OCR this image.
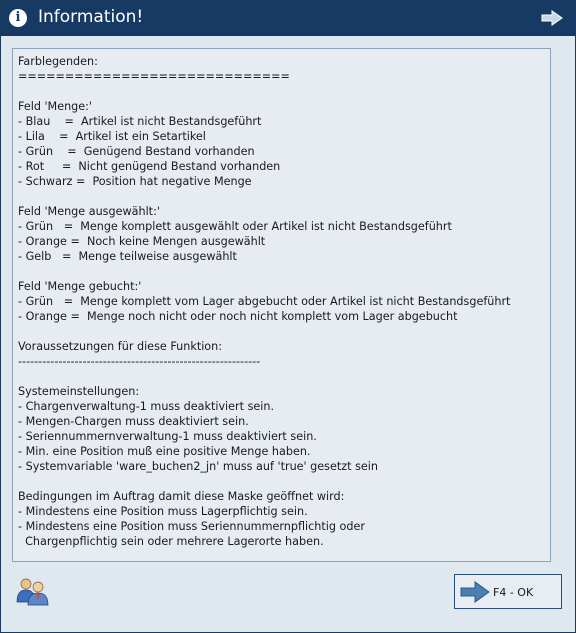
i	Information!
Farblegenden:
=============================

Feld 'Menge:'
- Blau    =  Artikel ist nicht Bestandsgeführt
- Lila    =  Artikel ist ein Setartikel
- Grün    =  Genügend Bestand vorhanden
- Rot     =  Nicht genügend Bestand vorhanden
- Schwarz =  Position hat negative Menge

Feld 'Menge ausgewählt:'
- Grün   =  Menge komplett ausgewählt oder Artikel ist nicht Bestandsgeführt
- Orange =  Noch keine Mengen ausgewählt
- Gelb   =  Menge teilweise ausgewählt

Feld 'Menge gebucht:'
- Grün   =  Menge komplett vom Lager abgebucht oder Artikel ist nicht Bestandsgeführt
- Orange =  Menge noch nicht oder noch nicht komplett vom Lager abgebucht

Voraussetzungen für diese Funktion:
------------------------------------------------------------

Systemeinstellungen:
- Chargenverwaltung-1 muss deaktiviert sein.
- Mengen-Chargen muss deaktiviert sein.
- Seriennummernverwaltung-1 muss deaktiviert sein.
- Min. eine Position muß eine positive Menge haben.
- Systemvariable 'ware_buchen2_jn' muss auf 'true' gesetzt sein

Bedingungen im Auftrag damit diese Maske geöffnet wird:
- Mindestens eine Position muss Lagerpflichtig sein.
- Mindestens eine Position muss Seriennummernpflichtig oder
Chargenpflichtig sein oder mehrere Lagerorte haben.
F4 - OK
